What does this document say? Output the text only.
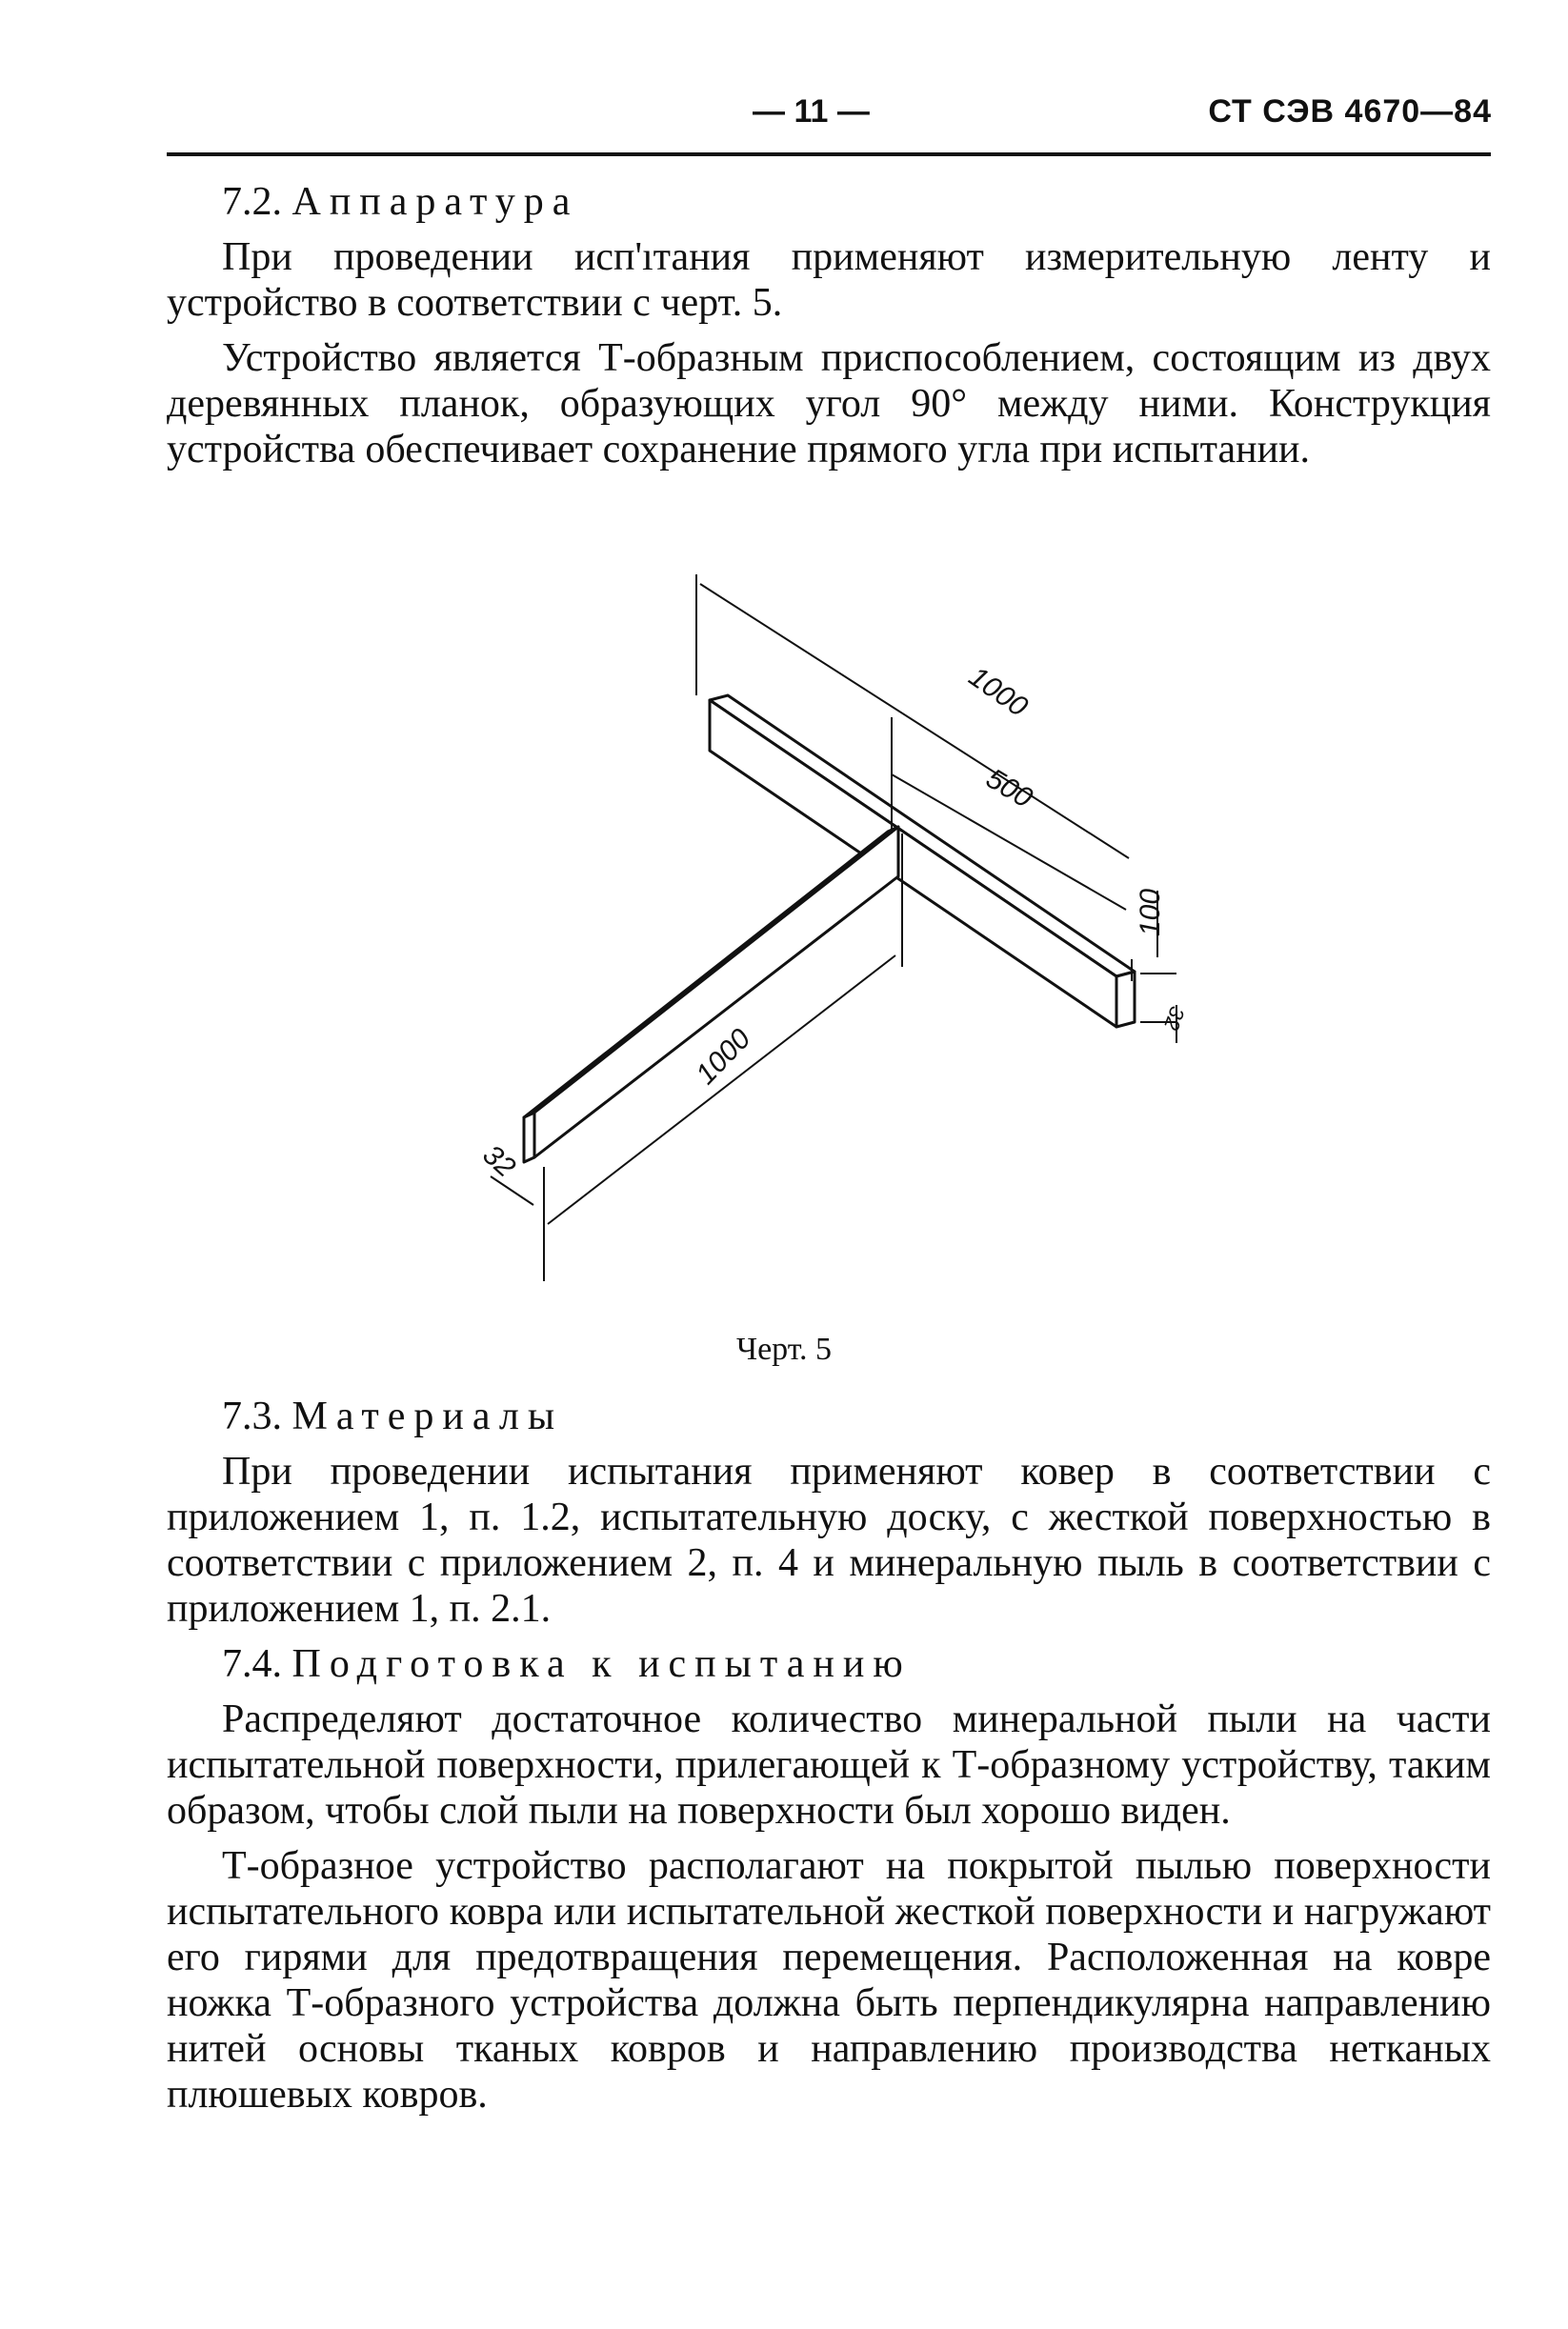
— 11 —	СТ СЭВ 4670—84

7.2. Аппаратура

При проведении исп'ıтания применяют измерительную ленту и устройство в соответствии с черт. 5.

Устройство является Т-образным приспособлением, состоящим из двух деревянных планок, образующих угол 90° между ними. Конструкция устройства обеспечивает сохранение прямого угла при испытании.

1000
500
100
1000
32
32
Черт. 5

7.3. Материалы

При проведении испытания применяют ковер в соответствии с приложением 1, п. 1.2, испытательную доску, с жесткой поверхностью в соответствии с приложением 2, п. 4 и минеральную пыль в соответствии с приложением 1, п. 2.1.

7.4. Подготовка к испытанию

Распределяют достаточное количество минеральной пыли на части испытательной поверхности, прилегающей к Т-образному устройству, таким образом, чтобы слой пыли на поверхности был хорошо виден.

Т-образное устройство располагают на покрытой пылью поверхности испытательного ковра или испытательной жесткой поверхности и нагружают его гирями для предотвращения перемещения. Расположенная на ковре ножка Т-образного устройства должна быть перпендикулярна направлению нитей основы тканых ковров и направлению производства нетканых плюшевых ковров.
